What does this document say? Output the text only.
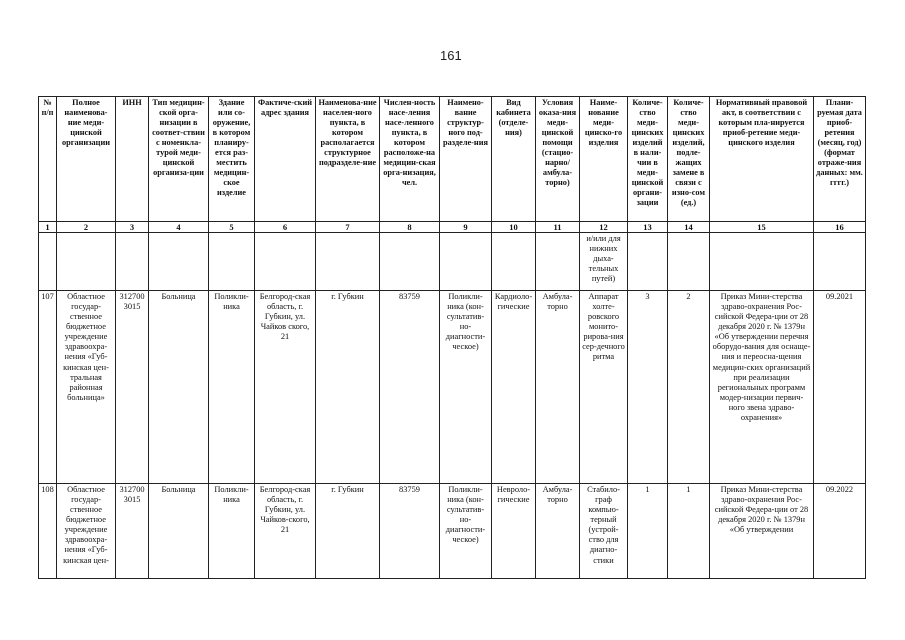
161
№ п/п	Полное наименова-ние меди-цинской организации	ИНН	Тип медицин-ской орга-низации в соответ-ствии с номенкла-турой меди-цинской организа-ции	Здание или со-оружение, в котором планиру-ется раз-местить медицин-ское изделие	Фактиче-ский адрес здания	Наименова-ние населен-ного пункта, в котором располагается структурное подразделе-ние	Числен-ность насе-ления насе-ленного пункта, в котором расположе-на медицин-ская орга-низация, чел.	Наимено-вание структур-ного под-разделе-ния	Вид кабинета (отделе-ния)	Условия оказа-ния меди-цинской помощи (стацио-нарно/ амбула-торно)	Наиме-нование меди-цинско-го изделия	Количе-ство меди-цинских изделий в нали-чии в меди-цинской органи-зации	Количе-ство меди-цинских изделий, подле-жащих замене в связи с изно-сом (ед.)	Нормативный правовой акт, в соответствии с которым пла-нируется приоб-ретение меди-цинского изделия	Плани-руемая дата приоб-ретения (месяц, год) (формат отраже-ния данных: мм. гггг.)
1	2	3	4	5	6	7	8	9	10	11	12	13	14	15	16
											и/или для нижних дыха-тельных путей)				
107	Областное государ-ственное бюджетное учреждение здравоохра-нения «Губ-кинская цен-тральная районная больница»	312700 3015	Больница	Поликли-ника	Белгород-ская область, г. Губкин, ул. Чайков ского, 21	г. Губкин	83759	Поликли-ника (кон-сультатив-но-диагности-ческое)	Кардиоло-гические	Амбула-торно	Аппарат холте-ровского монито-рирова-ния сер-дечного ритма	3	2	Приказ Мини-стерства здраво-охранения Рос-сийской Федера-ции от 28 декабря 2020 г. № 1379н «Об утверждении перечня оборудо-вания для оснаще-ния и переосна-щения медицин-ских организаций при реализации региональных программ модер-низации первич-ного звена здраво-охранения»	09.2021
108	Областное государ-ственное бюджетное учреждение здравоохра-нения «Губ-кинская цен-	312700 3015	Больница	Поликли-ника	Белгород-ская область, г. Губкин, ул. Чайков-ского, 21	г. Губкин	83759	Поликли-ника (кон-сультатив-но-диагности-ческое)	Невроло-гические	Амбула-торно	Стабило-граф компью-терный (устрой-ство для диагно-стики	1	1	Приказ Мини-стерства здраво-охранения Рос-сийской Федера-ции от 28 декабря 2020 г. № 1379н «Об утверждении	09.2022
